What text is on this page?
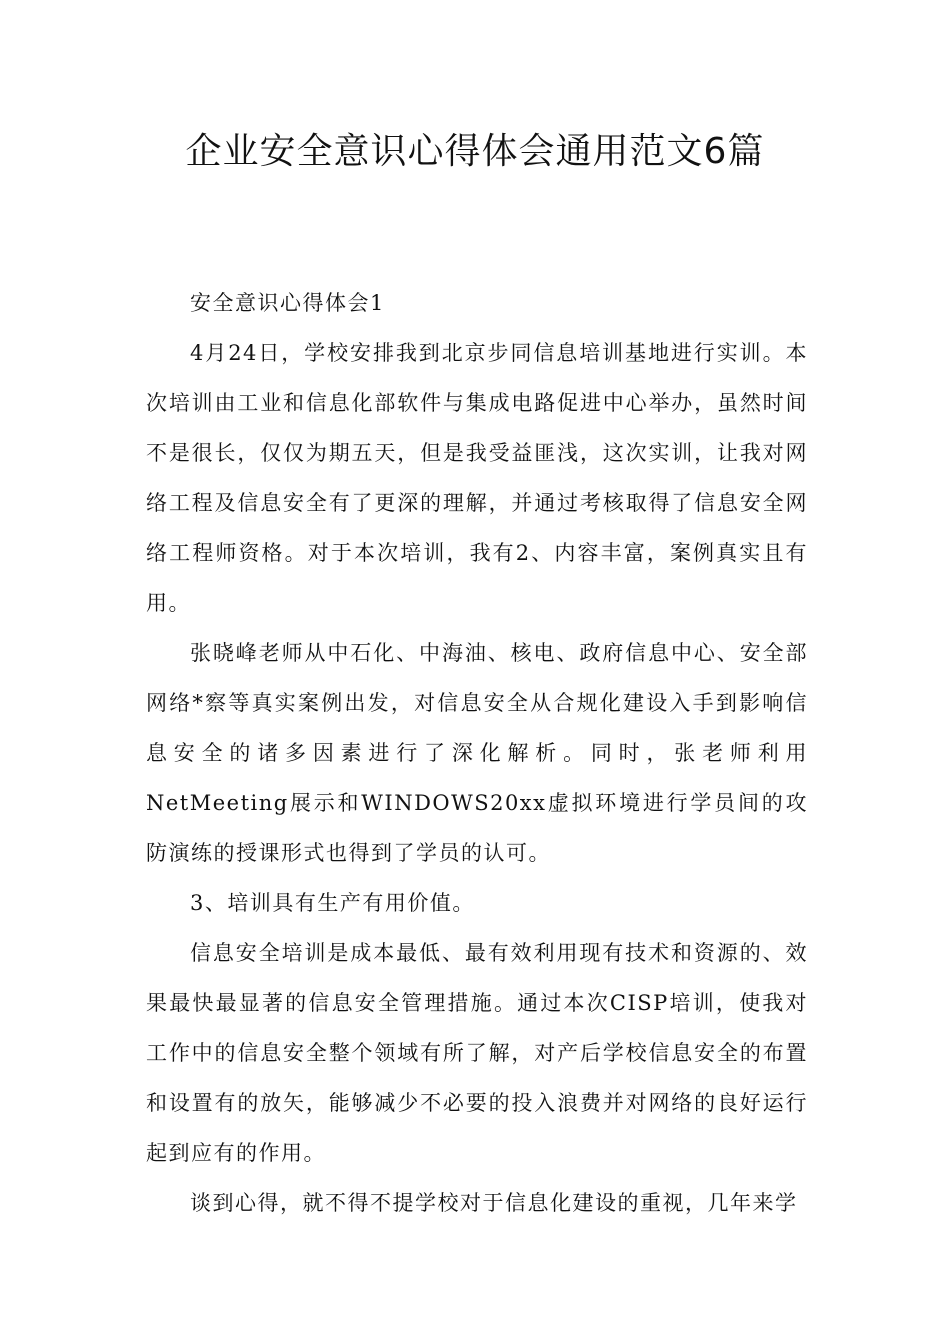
企业安全意识心得体会通用范文6篇

安全意识心得体会1

4月24日，学校安排我到北京步同信息培训基地进行实训。本次培训由工业和信息化部软件与集成电路促进中心举办，虽然时间不是很长，仅仅为期五天，但是我受益匪浅，这次实训，让我对网络工程及信息安全有了更深的理解，并通过考核取得了信息安全网络工程师资格。对于本次培训，我有2、内容丰富，案例真实且有用。

张晓峰老师从中石化、中海油、核电、政府信息中心、安全部网络*察等真实案例出发，对信息安全从合规化建设入手到影响信息安全的诸多因素进行了深化解析。同时，张老师利用NetMeeting展示和WINDOWS20xx虚拟环境进行学员间的攻防演练的授课形式也得到了学员的认可。

3、培训具有生产有用价值。

信息安全培训是成本最低、最有效利用现有技术和资源的、效果最快最显著的信息安全管理措施。通过本次CISP培训，使我对工作中的信息安全整个领域有所了解，对产后学校信息安全的布置和设置有的放矢，能够减少不必要的投入浪费并对网络的良好运行起到应有的作用。

谈到心得，就不得不提学校对于信息化建设的重视，几年来学
